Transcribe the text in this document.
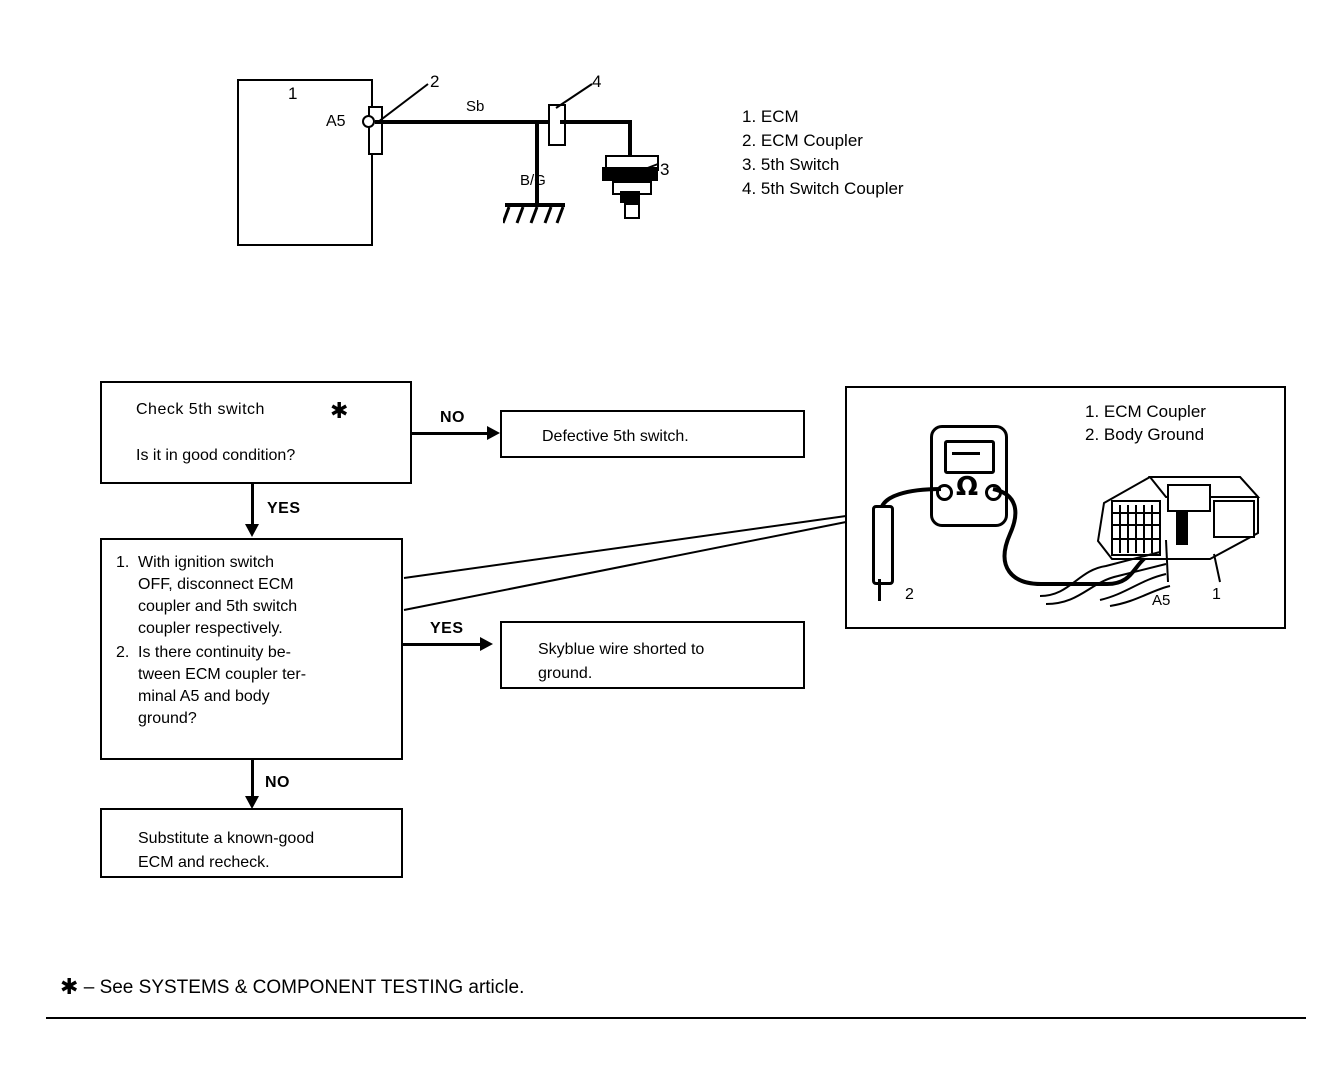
1
A5
Sb
B/G
2	4
3
1. ECM
2. ECM Coupler
3. 5th Switch
4. 5th Switch Coupler
Check 5th switch
Is it in good condition?
✱	NO
Defective 5th switch.
YES
1. With ignition switch
OFF, disconnect ECM
coupler and 5th switch
coupler respectively.
2. Is there continuity be-
tween ECM coupler ter-
minal A5 and body
ground?
YES
Skyblue wire shorted to
ground.
NO
Substitute a known-good
ECM and recheck.
1. ECM Coupler
2. Body Ground
Ω
2	A5	1
✱ – See SYSTEMS & COMPONENT TESTING article.
